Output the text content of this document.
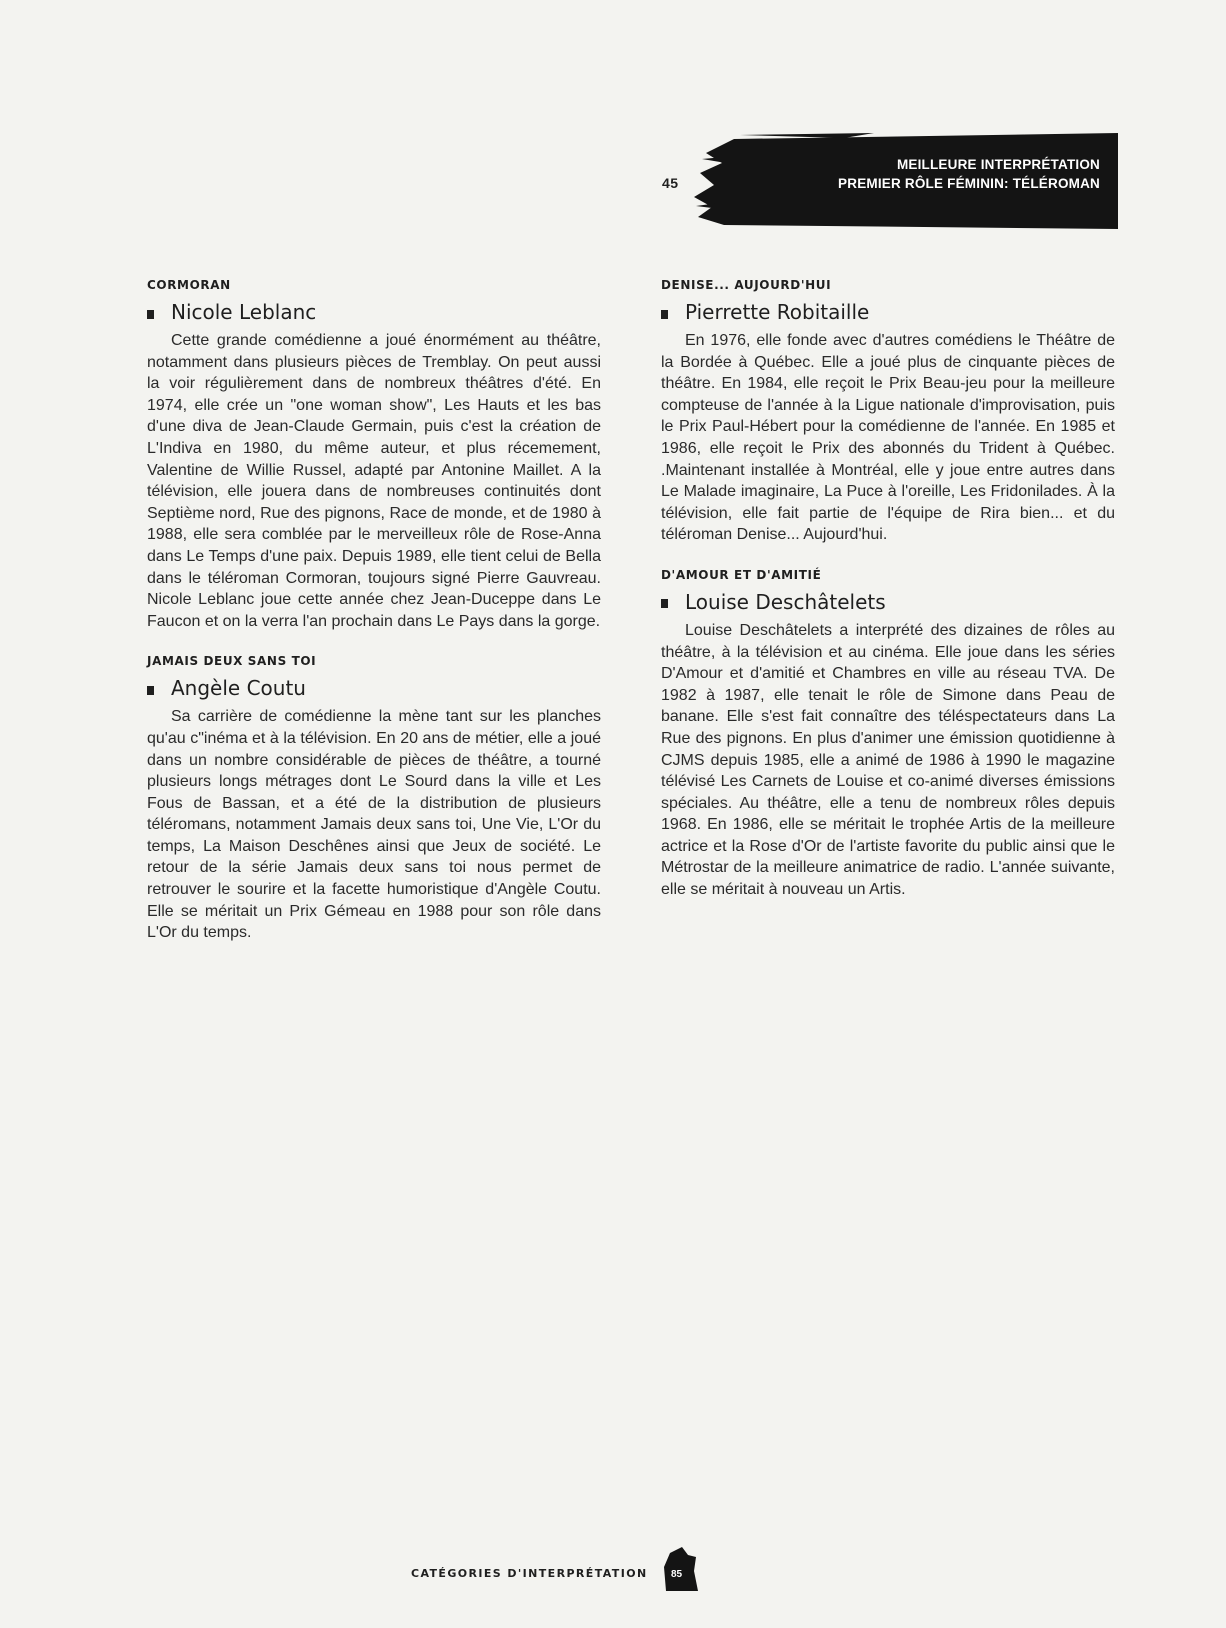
45
MEILLEURE INTERPRÉTATION
PREMIER RÔLE FÉMININ: TÉLÉROMAN
CORMORAN
Nicole Leblanc

Cette grande comédienne a joué énormément au théâtre, notamment dans plusieurs pièces de Tremblay. On peut aussi la voir régulièrement dans de nombreux théâtres d'été. En 1974, elle crée un "one woman show", Les Hauts et les bas d'une diva de Jean-Claude Germain, puis c'est la création de L'Indiva en 1980, du même auteur, et plus récemement, Valentine de Willie Russel, adapté par Antonine Maillet. A la télévision, elle jouera dans de nombreuses continuités dont Septième nord, Rue des pignons, Race de monde, et de 1980 à 1988, elle sera comblée par le merveilleux rôle de Rose-Anna dans Le Temps d'une paix. Depuis 1989, elle tient celui de Bella dans le téléroman Cormoran, toujours signé Pierre Gauvreau. Nicole Leblanc joue cette année chez Jean-Duceppe dans Le Faucon et on la verra l'an prochain dans Le Pays dans la gorge.

JAMAIS DEUX SANS TOI
Angèle Coutu

Sa carrière de comédienne la mène tant sur les planches qu'au c"inéma et à la télévision. En 20 ans de métier, elle a joué dans un nombre considérable de pièces de théâtre, a tourné plusieurs longs métrages dont Le Sourd dans la ville et Les Fous de Bassan, et a été de la distribution de plusieurs téléromans, notamment Jamais deux sans toi, Une Vie, L'Or du temps, La Maison Deschênes ainsi que Jeux de société. Le retour de la série Jamais deux sans toi nous permet de retrouver le sourire et la facette humoristique d'Angèle Coutu. Elle se méritait un Prix Gémeau en 1988 pour son rôle dans L'Or du temps.

DENISE... AUJOURD'HUI
Pierrette Robitaille

En 1976, elle fonde avec d'autres comédiens le Théâtre de la Bordée à Québec. Elle a joué plus de cinquante pièces de théâtre. En 1984, elle reçoit le Prix Beau-jeu pour la meilleure compteuse de l'année à la Ligue nationale d'improvisation, puis le Prix Paul-Hébert pour la comédienne de l'année. En 1985 et 1986, elle reçoit le Prix des abonnés du Trident à Québec. .Maintenant installée à Montréal, elle y joue entre autres dans Le Malade imaginaire, La Puce à l'oreille, Les Fridonilades. À la télévision, elle fait partie de l'équipe de Rira bien... et du téléroman Denise... Aujourd'hui.

D'AMOUR ET D'AMITIÉ
Louise Deschâtelets

Louise Deschâtelets a interprété des dizaines de rôles au théâtre, à la télévision et au cinéma. Elle joue dans les séries D'Amour et d'amitié et Chambres en ville au réseau TVA. De 1982 à 1987, elle tenait le rôle de Simone dans Peau de banane. Elle s'est fait connaître des téléspectateurs dans La Rue des pignons. En plus d'animer une émission quotidienne à CJMS depuis 1985, elle a animé de 1986 à 1990 le magazine télévisé Les Carnets de Louise et co-animé diverses émissions spéciales. Au théâtre, elle a tenu de nombreux rôles depuis 1968. En 1986, elle se méritait le trophée Artis de la meilleure actrice et la Rose d'Or de l'artiste favorite du public ainsi que le Métrostar de la meilleure animatrice de radio. L'année suivante, elle se méritait à nouveau un Artis.

CATÉGORIES D'INTERPRÉTATION 85
